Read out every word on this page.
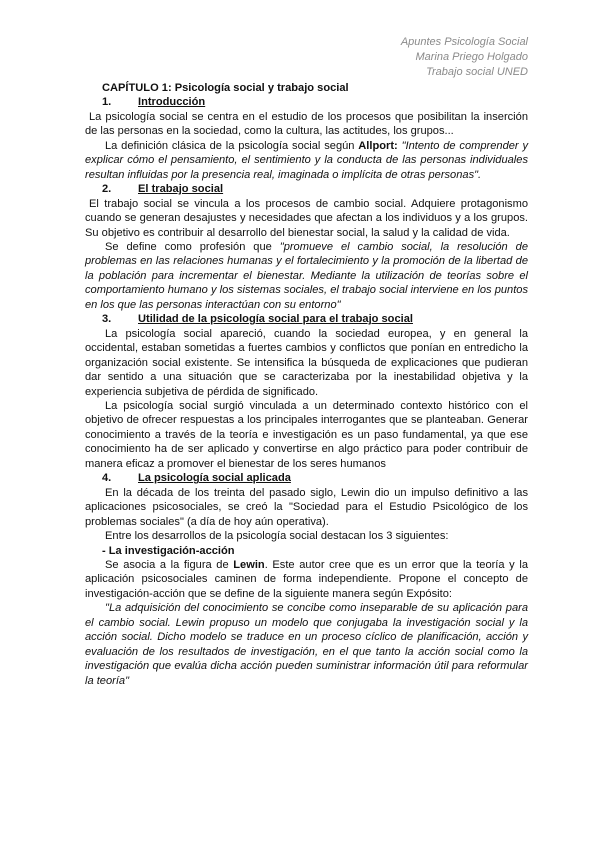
Apuntes Psicología Social
Marina Priego Holgado
Trabajo social UNED
CAPÍTULO 1: Psicología social y trabajo social
1.	Introducción

La psicología social se centra en el estudio de los procesos que posibilitan la inserción de las personas en la sociedad, como la cultura, las actitudes, los grupos...

La definición clásica de la psicología social según Allport: "Intento de comprender y explicar cómo el pensamiento, el sentimiento y la conducta de las personas individuales resultan influidas por la presencia real, imaginada o implícita de otras personas".

2.	El trabajo social

El trabajo social se vincula a los procesos de cambio social. Adquiere protagonismo cuando se generan desajustes y necesidades que afectan a los individuos y a los grupos. Su objetivo es contribuir al desarrollo del bienestar social, la salud y la calidad de vida.

Se define como profesión que "promueve el cambio social, la resolución de problemas en las relaciones humanas y el fortalecimiento y la promoción de la libertad de la población para incrementar el bienestar. Mediante la utilización de teorías sobre el comportamiento humano y los sistemas sociales, el trabajo social interviene en los puntos en los que las personas interactúan con su entorno"

3.	Utilidad de la psicología social para el trabajo social

La psicología social apareció, cuando la sociedad europea, y en general la occidental, estaban sometidas a fuertes cambios y conflictos que ponían en entredicho la organización social existente. Se intensifica la búsqueda de explicaciones que pudieran dar sentido a una situación que se caracterizaba por la inestabilidad objetiva y la experiencia subjetiva de pérdida de significado.

La psicología social surgió vinculada a un determinado contexto histórico con el objetivo de ofrecer respuestas a los principales interrogantes que se planteaban. Generar conocimiento a través de la teoría e investigación es un paso fundamental, ya que ese conocimiento ha de ser aplicado y convertirse en algo práctico para poder contribuir de manera eficaz a promover el bienestar de los seres humanos

4.	La psicología social aplicada

En la década de los treinta del pasado siglo, Lewin dio un impulso definitivo a las aplicaciones psicosociales, se creó la "Sociedad para el Estudio Psicológico de los problemas sociales" (a día de hoy aún operativa).

Entre los desarrollos de la psicología social destacan los 3 siguientes:

- La investigación-acción

Se asocia a la figura de Lewin. Este autor cree que es un error que la teoría y la aplicación psicosociales caminen de forma independiente. Propone el concepto de investigación-acción que se define de la siguiente manera según Expósito:

"La adquisición del conocimiento se concibe como inseparable de su aplicación para el cambio social. Lewin propuso un modelo que conjugaba la investigación social y la acción social. Dicho modelo se traduce en un proceso cíclico de planificación, acción y evaluación de los resultados de investigación, en el que tanto la acción social como la investigación que evalúa dicha acción pueden suministrar información útil para reformular la teoría"
